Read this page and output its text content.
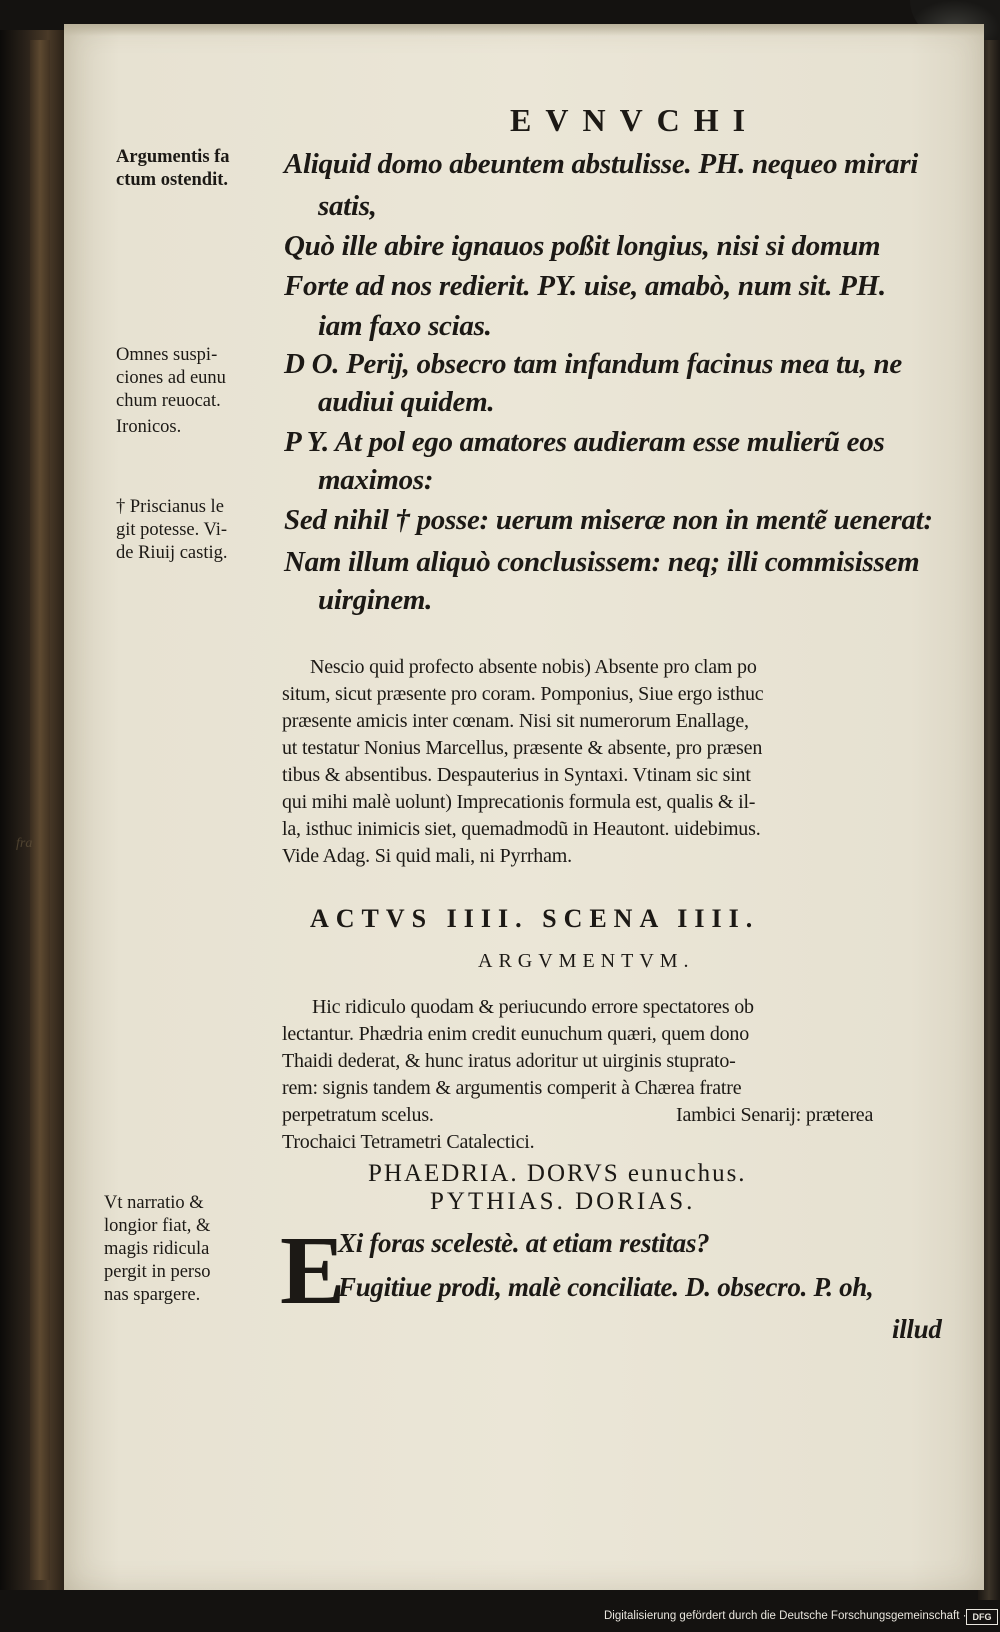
EVNVCHI
Argumentis fa
ctum ostendit.
Omnes suspi-
ciones ad eunu
chum reuocat.
Ironicos.
† Priscianus le
git potesse. Vi-
de Riuij castig.
Vt narratio &
longior fiat, &
magis ridicula
pergit in perso
nas spargere.
fra
Aliquid domo abeuntem abstulisse. PH. nequeo mirari
satis,
Quò ille abire ignauos poßit longius, nisi si domum
Forte ad nos redierit. PY. uise, amabò, num sit. PH.
iam faxo scias.
D O. Perij, obsecro tam infandum facinus mea tu, ne
audiui quidem.
P Y. At pol ego amatores audieram esse mulierũ eos
maximos:
Sed nihil † posse: uerum miseræ non in mentẽ uenerat:
Nam illum aliquò conclusissem: neq; illi commisissem
uirginem.
Nescio quid profecto absente nobis) Absente pro clam po
situm, sicut præsente pro coram. Pomponius, Siue ergo isthuc
præsente amicis inter cœnam. Nisi sit numerorum Enallage,
ut testatur Nonius Marcellus, præsente & absente, pro præsen
tibus & absentibus. Despauterius in Syntaxi. Vtinam sic sint
qui mihi malè uolunt) Imprecationis formula est, qualis & il-
la, isthuc inimicis siet, quemadmodũ in Heautont. uidebimus.
Vide Adag. Si quid mali, ni Pyrrham.
ACTVS IIII. SCENA IIII.
ARGVMENTVM.
Hic ridiculo quodam & periucundo errore spectatores ob
lectantur. Phædria enim credit eunuchum quæri, quem dono
Thaidi dederat, & hunc iratus adoritur ut uirginis stuprato-
rem: signis tandem & argumentis comperit à Chærea fratre
perpetratum scelus.	Iambici Senarij: præterea
Trochaici Tetrametri Catalectici.
PHAEDRIA. DORVS eunuchus.
PYTHIAS. DORIAS.
E
Xi foras scelestè. at etiam restitas?
Fugitiue prodi, malè conciliate. D. obsecro. P. oh,
illud
Digitalisierung gefördert durch die Deutsche Forschungsgemeinschaft · DFG
